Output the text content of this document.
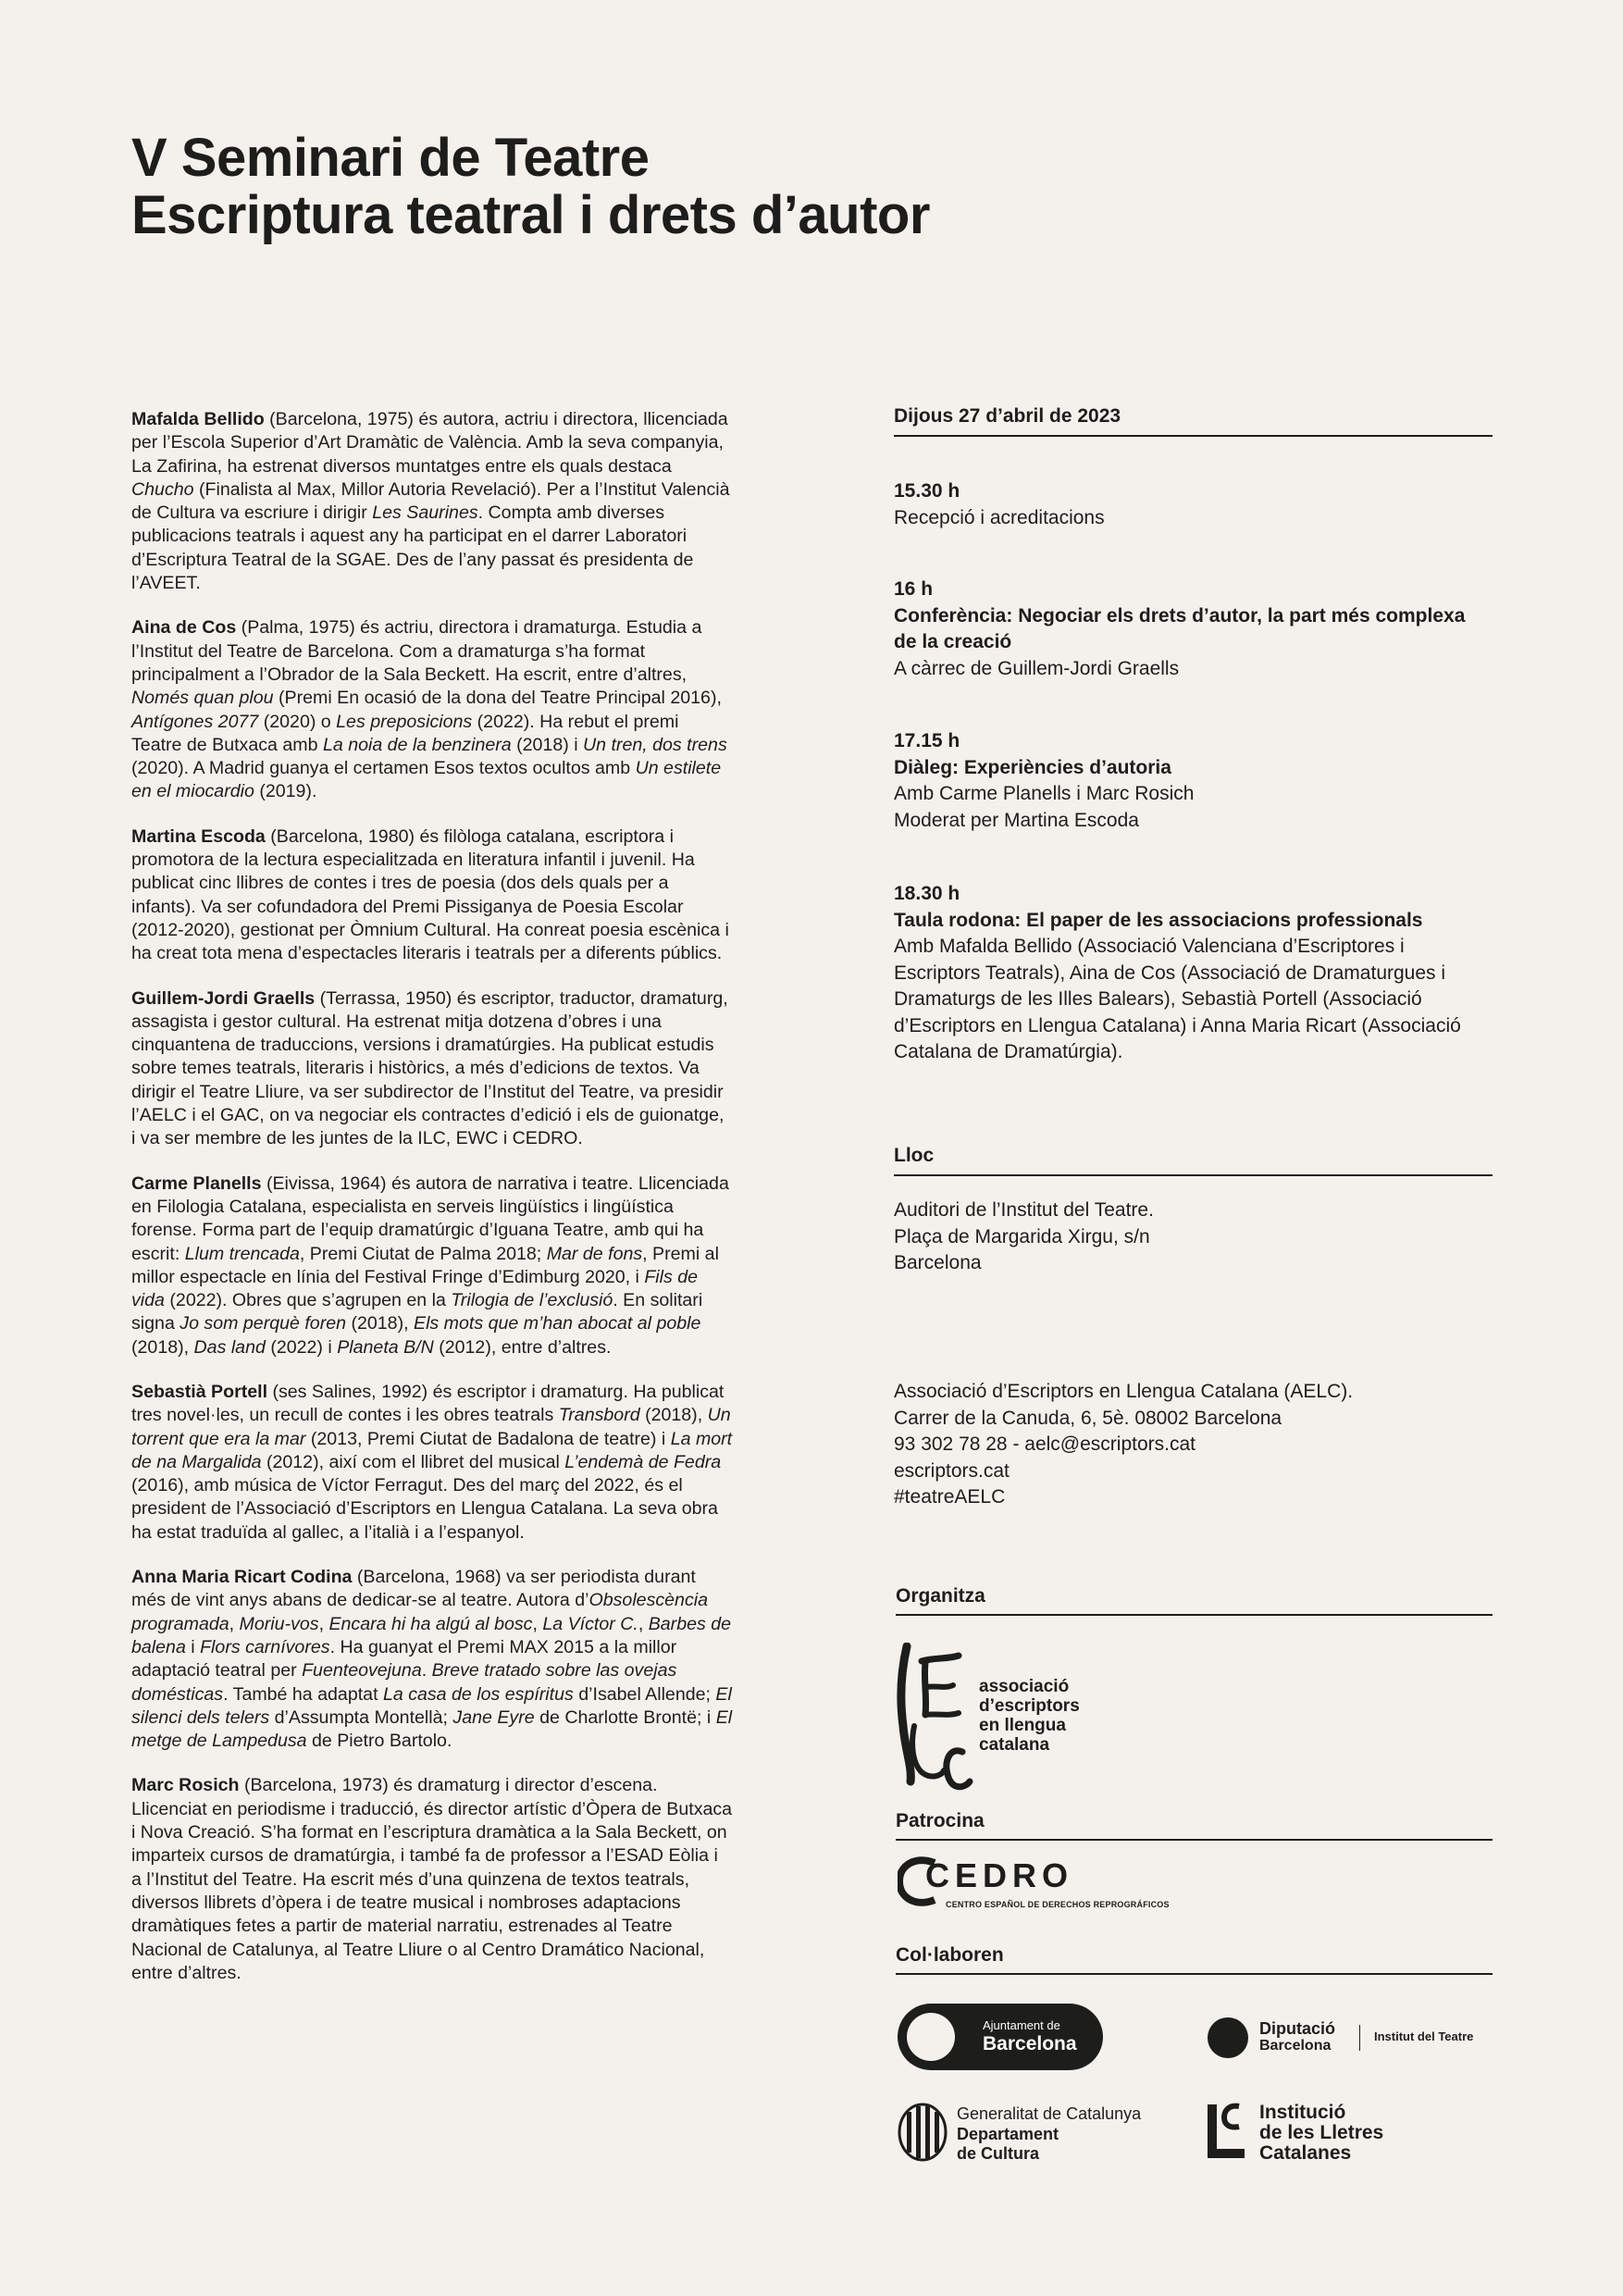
V Seminari de Teatre
Escriptura teatral i drets d’autor

Mafalda Bellido (Barcelona, 1975) és autora, actriu i directora, llicenciada per l’Escola Superior d’Art Dramàtic de València. Amb la seva companyia, La Zafirina, ha estrenat diversos muntatges entre els quals destaca Chucho (Finalista al Max, Millor Autoria Revelació). Per a l’Institut Valencià de Cultura va escriure i dirigir Les Saurines. Compta amb diverses publicacions teatrals i aquest any ha participat en el darrer Laboratori d’Escriptura Teatral de la SGAE. Des de l’any passat és presidenta de l’AVEET.

Aina de Cos (Palma, 1975) és actriu, directora i dramaturga. Estudia a l’Institut del Teatre de Barcelona. Com a dramaturga s’ha format principalment a l’Obrador de la Sala Beckett. Ha escrit, entre d’altres, Només quan plou (Premi En ocasió de la dona del Teatre Principal 2016), Antígones 2077 (2020) o Les preposicions (2022). Ha rebut el premi Teatre de Butxaca amb La noia de la benzinera (2018) i Un tren, dos trens (2020). A Madrid guanya el certamen Esos textos ocultos amb Un estilete en el miocardio (2019).

Martina Escoda (Barcelona, 1980) és filòloga catalana, escriptora i promotora de la lectura especialitzada en literatura infantil i juvenil. Ha publicat cinc llibres de contes i tres de poesia (dos dels quals per a infants). Va ser cofundadora del Premi Pissiganya de Poesia Escolar (2012-2020), gestionat per Òmnium Cultural. Ha conreat poesia escènica i ha creat tota mena d’espectacles literaris i teatrals per a diferents públics.

Guillem-Jordi Graells (Terrassa, 1950) és escriptor, traductor, dramaturg, assagista i gestor cultural. Ha estrenat mitja dotzena d’obres i una cinquantena de traduccions, versions i dramatúrgies. Ha publicat estudis sobre temes teatrals, literaris i històrics, a més d’edicions de textos. Va dirigir el Teatre Lliure, va ser subdirector de l’Institut del Teatre, va presidir l’AELC i el GAC, on va negociar els contractes d’edició i els de guionatge, i va ser membre de les juntes de la ILC, EWC i CEDRO.

Carme Planells (Eivissa, 1964) és autora de narrativa i teatre. Llicenciada en Filologia Catalana, especialista en serveis lingüístics i lingüística forense. Forma part de l’equip dramatúrgic d’Iguana Teatre, amb qui ha escrit: Llum trencada, Premi Ciutat de Palma 2018; Mar de fons, Premi al millor espectacle en línia del Festival Fringe d’Edimburg 2020, i Fils de vida (2022). Obres que s’agrupen en la Trilogia de l’exclusió. En solitari signa Jo som perquè foren (2018), Els mots que m’han abocat al poble (2018), Das land (2022) i Planeta B/N (2012), entre d’altres.

Sebastià Portell (ses Salines, 1992) és escriptor i dramaturg. Ha publicat tres novel·les, un recull de contes i les obres teatrals Transbord (2018), Un torrent que era la mar (2013, Premi Ciutat de Badalona de teatre) i La mort de na Margalida (2012), així com el llibret del musical L’endemà de Fedra (2016), amb música de Víctor Ferragut. Des del març del 2022, és el president de l’Associació d’Escriptors en Llengua Catalana. La seva obra ha estat traduïda al gallec, a l’italià i a l’espanyol.

Anna Maria Ricart Codina (Barcelona, 1968) va ser periodista durant més de vint anys abans de dedicar-se al teatre. Autora d’Obsolescència programada, Moriu-vos, Encara hi ha algú al bosc, La Víctor C., Barbes de balena i Flors carnívores. Ha guanyat el Premi MAX 2015 a la millor adaptació teatral per Fuenteovejuna. Breve tratado sobre las ovejas domésticas. També ha adaptat La casa de los espíritus d’Isabel Allende; El silenci dels telers d’Assumpta Montellà; Jane Eyre de Charlotte Brontë; i El metge de Lampedusa de Pietro Bartolo.

Marc Rosich (Barcelona, 1973) és dramaturg i director d’escena. Llicenciat en periodisme i traducció, és director artístic d’Òpera de Butxaca i Nova Creació. S’ha format en l’escriptura dramàtica a la Sala Beckett, on imparteix cursos de dramatúrgia, i també fa de professor a l’ESAD Eòlia i a l’Institut del Teatre. Ha escrit més d’una quinzena de textos teatrals, diversos llibrets d’òpera i de teatre musical i nombroses adaptacions dramàtiques fetes a partir de material narratiu, estrenades al Teatre Nacional de Catalunya, al Teatre Lliure o al Centro Dramático Nacional, entre d’altres.

Dijous 27 d’abril de 2023
15.30 h
Recepció i acreditacions
16 h
Conferència: Negociar els drets d’autor, la part més complexa de la creació
A càrrec de Guillem-Jordi Graells
17.15 h
Diàleg: Experiències d’autoria
Amb Carme Planells i Marc Rosich
Moderat per Martina Escoda
18.30 h
Taula rodona: El paper de les associacions professionals
Amb Mafalda Bellido (Associació Valenciana d’Escriptores i Escriptors Teatrals), Aina de Cos (Associació de Dramaturgues i Dramaturgs de les Illes Balears), Sebastià Portell (Associació d’Escriptors en Llengua Catalana) i Anna Maria Ricart (Associació Catalana de Dramatúrgia).
Lloc
Auditori de l’Institut del Teatre.
Plaça de Margarida Xirgu, s/n
Barcelona
Associació d’Escriptors en Llengua Catalana (AELC).
Carrer de la Canuda, 6, 5è. 08002 Barcelona
93 302 78 28 - aelc@escriptors.cat
escriptors.cat
#teatreAELC
Organitza
associació
d’escriptors
en llengua
catalana
Patrocina
CEDRO
CENTRO ESPAÑOL DE DERECHOS REPROGRÁFICOS
Col·laboren
Ajuntament de
Barcelona
Diputació
Barcelona
Institut del Teatre
Generalitat de Catalunya
Departament
de Cultura
Institució
de les Lletres
Catalanes
